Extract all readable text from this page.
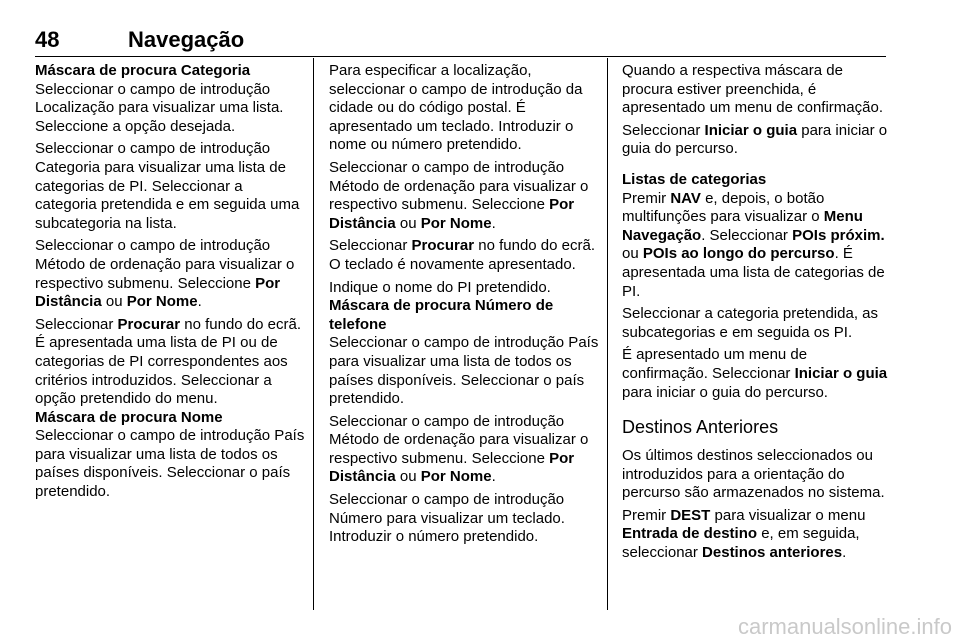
48	Navegação
Máscara de procura Categoria

Seleccionar o campo de introdução Localização para visualizar uma lista. Seleccione a opção desejada.

Seleccionar o campo de introdução Categoria para visualizar uma lista de categorias de PI. Seleccionar a categoria pretendida e em seguida uma subcategoria na lista.

Seleccionar o campo de introdução Método de ordenação para visualizar o respectivo submenu. Seleccione Por Distância ou Por Nome.

Seleccionar Procurar no fundo do ecrã. É apresentada uma lista de PI ou de categorias de PI correspondentes aos critérios introduzidos. Seleccionar a opção pretendido do menu.

Máscara de procura Nome

Seleccionar o campo de introdução País para visualizar uma lista de todos os países disponíveis. Seleccionar o país pretendido.

Para especificar a localização, seleccionar o campo de introdução da cidade ou do código postal. É apresentado um teclado. Introduzir o nome ou número pretendido.

Seleccionar o campo de introdução Método de ordenação para visualizar o respectivo submenu. Seleccione Por Distância ou Por Nome.

Seleccionar Procurar no fundo do ecrã. O teclado é novamente apresentado.

Indique o nome do PI pretendido.

Máscara de procura Número de telefone

Seleccionar o campo de introdução País para visualizar uma lista de todos os países disponíveis. Seleccionar o país pretendido.

Seleccionar o campo de introdução Método de ordenação para visualizar o respectivo submenu. Seleccione Por Distância ou Por Nome.

Seleccionar o campo de introdução Número para visualizar um teclado. Introduzir o número pretendido.

Quando a respectiva máscara de procura estiver preenchida, é apresentado um menu de confirmação.

Seleccionar Iniciar o guia para iniciar o guia do percurso.

Listas de categorias

Premir NAV e, depois, o botão multifunções para visualizar o Menu Navegação. Seleccionar POIs próxim. ou POIs ao longo do percurso. É apresentada uma lista de categorias de PI.

Seleccionar a categoria pretendida, as subcategorias e em seguida os PI.

É apresentado um menu de confirmação. Seleccionar Iniciar o guia para iniciar o guia do percurso.

Destinos Anteriores

Os últimos destinos seleccionados ou introduzidos para a orientação do percurso são armazenados no sistema.

Premir DEST para visualizar o menu Entrada de destino e, em seguida, seleccionar Destinos anteriores.

carmanualsonline.info
